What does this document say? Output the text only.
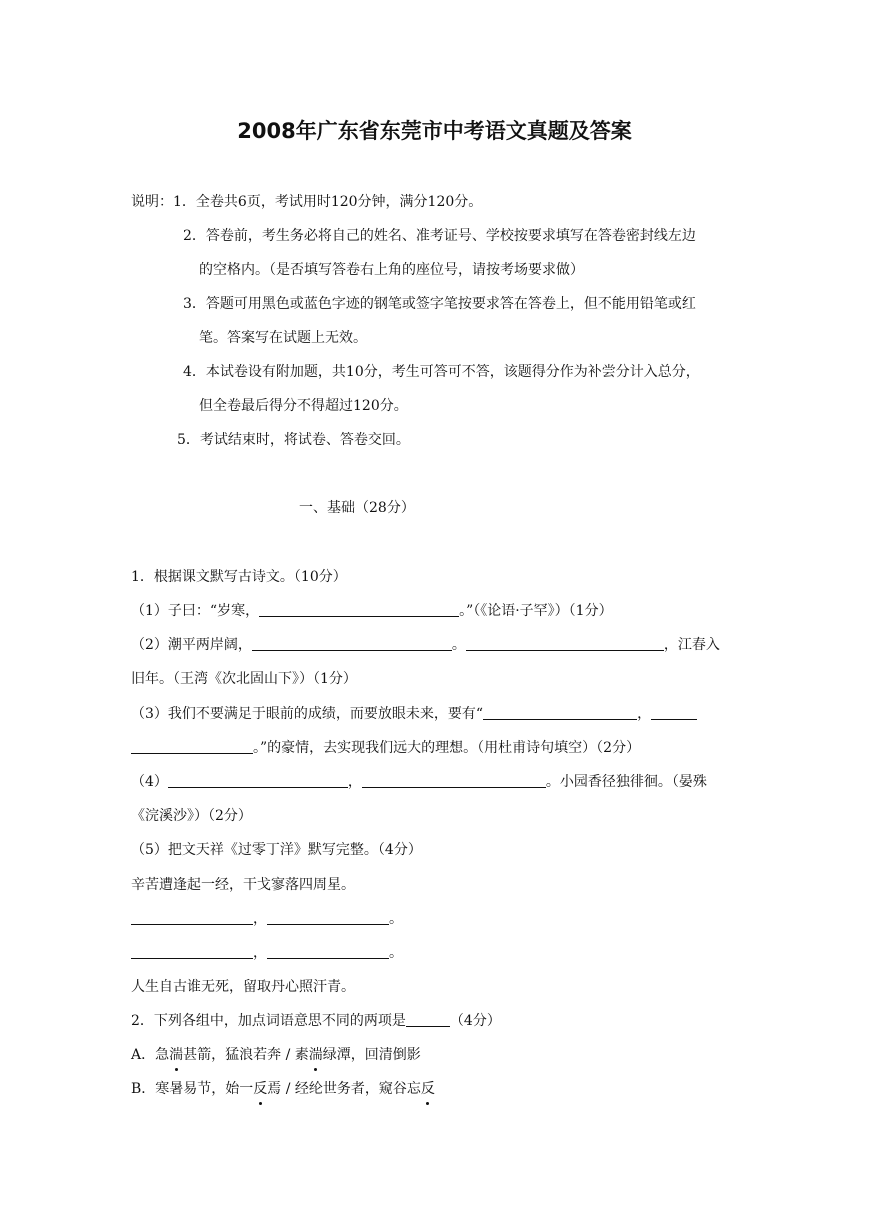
2008年广东省东莞市中考语文真题及答案
说明：1．全卷共6页，考试用时120分钟，满分120分。
2．答卷前，考生务必将自己的姓名、准考证号、学校按要求填写在答卷密封线左边
的空格内。（是否填写答卷右上角的座位号，请按考场要求做）
3．答题可用黑色或蓝色字迹的钢笔或签字笔按要求答在答卷上，但不能用铅笔或红
笔。答案写在试题上无效。
4．本试卷设有附加题，共10分，考生可答可不答，该题得分作为补尝分计入总分，
但全卷最后得分不得超过120分。
5．考试结束时，将试卷、答卷交回。
一、基础（28分）
1．根据课文默写古诗文。（10分）
（1）子曰：“岁寒，	。”（《论语·子罕》）（1分）
（2）潮平两岸阔，	。	，江春入
旧年。（王湾《次北固山下》）（1分）
（3）我们不要满足于眼前的成绩，而要放眼未来，要有“	，
。”的豪情，去实现我们远大的理想。（用杜甫诗句填空）（2分）
（4）	，	。小园香径独徘徊。（晏殊
《浣溪沙》）（2分）
（5）把文天祥《过零丁洋》默写完整。（4分）
辛苦遭逢起一经，干戈寥落四周星。
，	。
，	。
人生自古谁无死，留取丹心照汗青。
2．下列各组中，加点词语意思不同的两项是	（4分）
A．急湍甚箭，猛浪若奔 / 素湍绿潭，回清倒影
B．寒暑易节，始一反焉 / 经纶世务者，窥谷忘反
